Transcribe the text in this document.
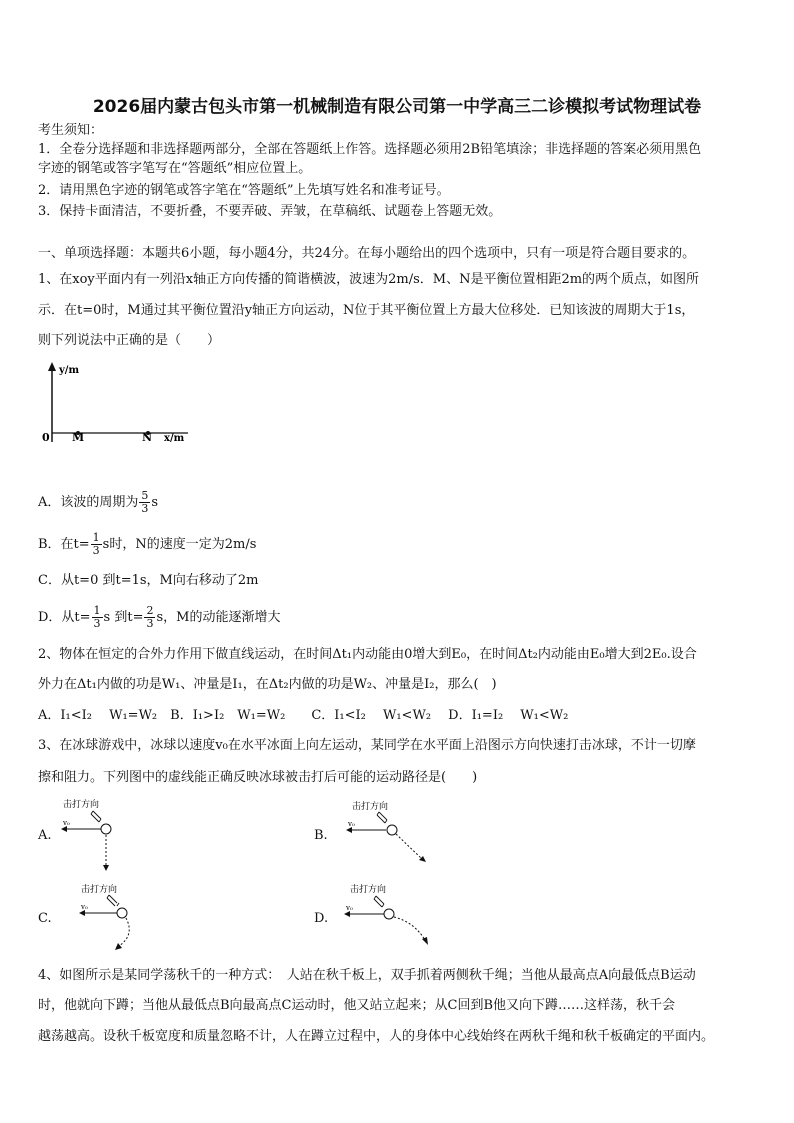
2026届内蒙古包头市第一机械制造有限公司第一中学高三二诊模拟考试物理试卷
考生须知：
1．全卷分选择题和非选择题两部分，全部在答题纸上作答。选择题必须用2B铅笔填涂；非选择题的答案必须用黑色
字迹的钢笔或答字笔写在“答题纸”相应位置上。
2．请用黑色字迹的钢笔或答字笔在“答题纸”上先填写姓名和准考证号。
3．保持卡面清洁，不要折叠，不要弄破、弄皱，在草稿纸、试题卷上答题无效。
一、单项选择题：本题共6小题，每小题4分，共24分。在每小题给出的四个选项中，只有一项是符合题目要求的。
1、在xoy平面内有一列沿x轴正方向传播的简谐横波，波速为2m/s．M、N是平衡位置相距2m的两个质点，如图所
示．在t=0时，M通过其平衡位置沿y轴正方向运动，N位于其平衡位置上方最大位移处．已知该波的周期大于1s，
则下列说法中正确的是（　　）
y/m
x/m
0 M	N
A．该波的周期为 $\frac{5}{3}$ s
B．在$t= \frac{1}{3}$ s时，N的速度一定为2m/s
C．从t=0 到t=1s，M向右移动了2m
D．从$t= \frac{1}{3}$ s 到$t= \frac{2}{3}$ s，M的动能逐渐增大
2、物体在恒定的合外力作用下做直线运动，在时间Δt₁内动能由0增大到E₀，在时间Δt₂内动能由E₀增大到2E₀.设合
外力在Δt₁内做的功是W₁、冲量是I₁，在Δt₂内做的功是W₂、冲量是I₂，那么(　)
A．I₁<I₂　 W₁=W₂　B．I₁>I₂　W₁=W₂　　C．I₁<I₂　 W₁<W₂　 D．I₁=I₂　 W₁<W₂
3、在冰球游戏中，冰球以速度v₀在水平冰面上向左运动，某同学在水平面上沿图示方向快速打击冰球，不计一切摩
擦和阻力。下列图中的虚线能正确反映冰球被击打后可能的运动路径是(　　)
A.
击打方向
v₀
B.
击打方向
v₀
C.
击打方向
v₀
D.
击打方向
v₀
4、如图所示是某同学荡秋千的一种方式：　人站在秋千板上，双手抓着两侧秋千绳；当他从最高点A向最低点B运动
时，他就向下蹲；当他从最低点B向最高点C运动时，他又站立起来；从C回到B他又向下蹲……这样荡，秋千会
越荡越高。设秋千板宽度和质量忽略不计，人在蹲立过程中，人的身体中心线始终在两秋千绳和秋千板确定的平面内。
